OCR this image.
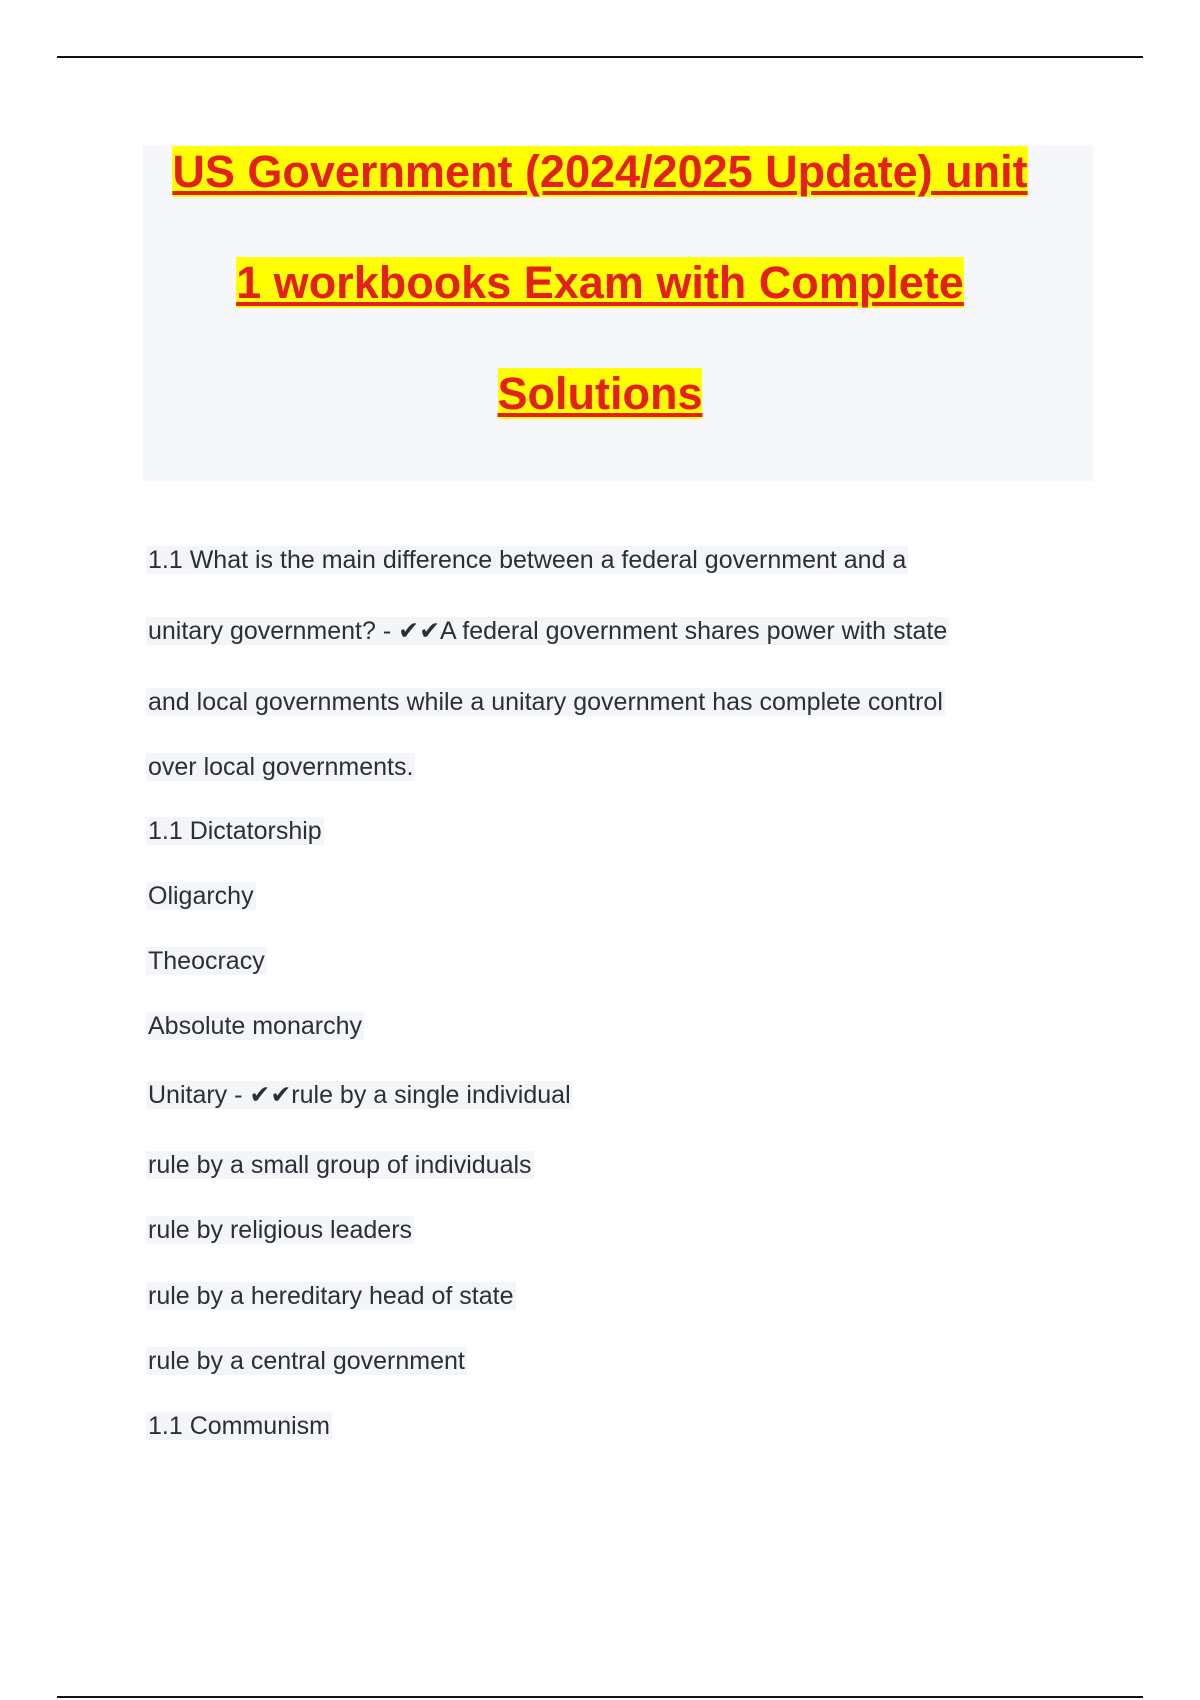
US Government (2024/2025 Update) unit
1 workbooks Exam with Complete
Solutions
1.1 What is the main difference between a federal government and a
unitary government? - ✔✔A federal government shares power with state
and local governments while a unitary government has complete control
over local governments.
1.1 Dictatorship
Oligarchy
Theocracy
Absolute monarchy
Unitary - ✔✔rule by a single individual
rule by a small group of individuals
rule by religious leaders
rule by a hereditary head of state
rule by a central government
1.1 Communism
